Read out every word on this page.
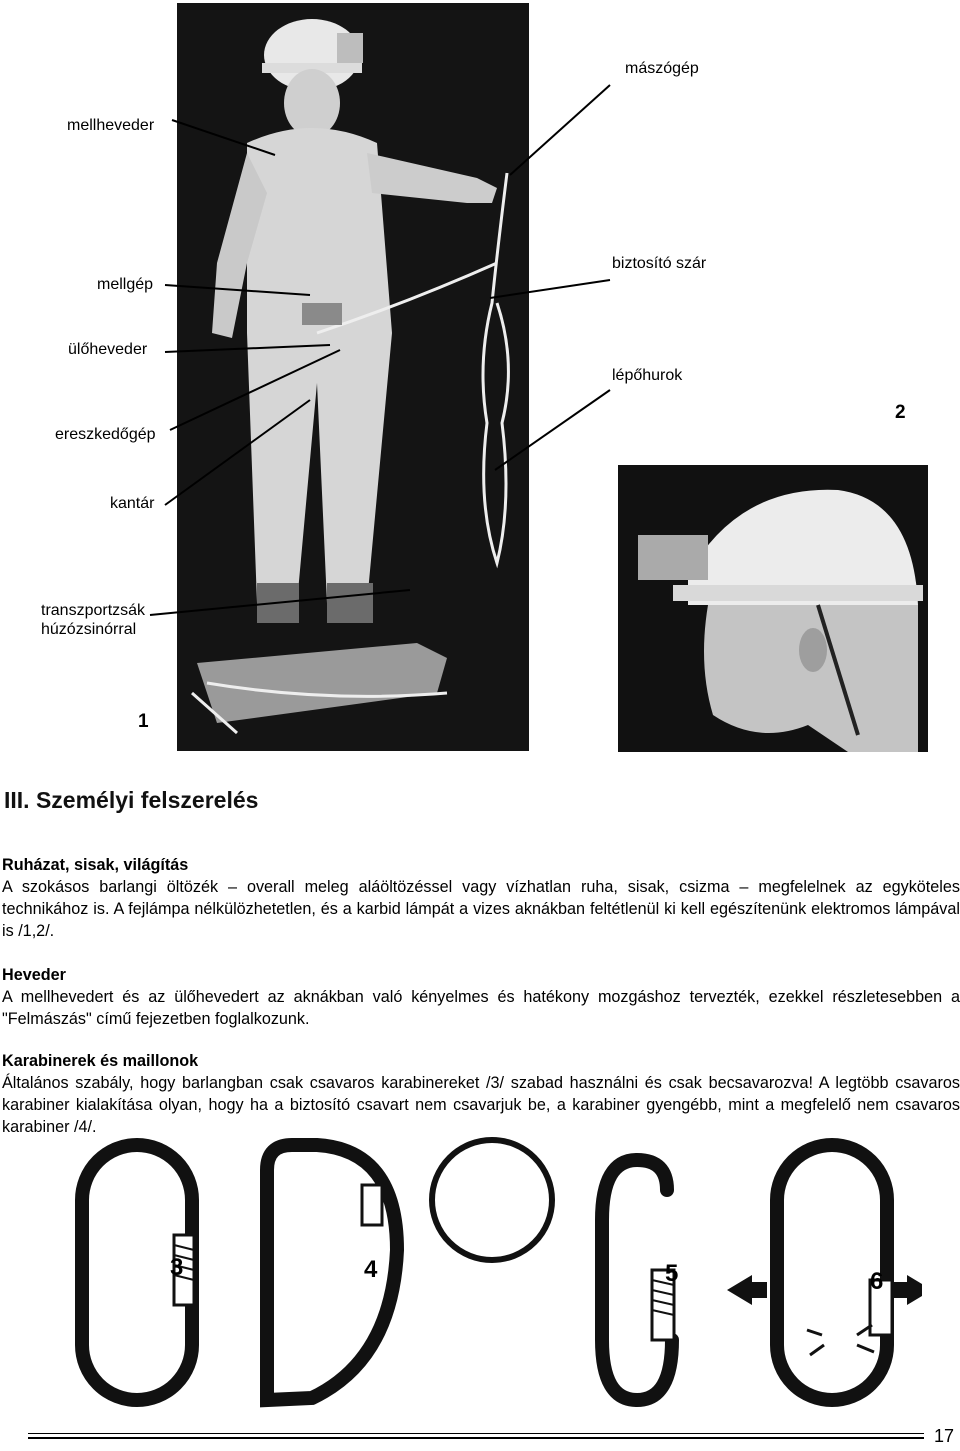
mászógép
mellheveder
biztosító szár
mellgép
ülőheveder
lépőhurok
ereszkedőgép
kantár
transzportzsák
húzózsinórral
1
2
III. Személyi felszerelés
Ruházat, sisak, világítás
A szokásos barlangi öltözék – overall meleg aláöltözéssel vagy vízhatlan ruha, sisak, csizma – megfelelnek az egyköteles technikához is. A fejlámpa nélkülözhetetlen, és a karbid lámpát a vizes aknákban feltétlenül ki kell egészítenünk elektromos lámpával is /1,2/.
Heveder
A mellhevedert és az ülőhevedert az aknákban való kényelmes és hatékony mozgáshoz tervezték, ezekkel részletesebben a "Felmászás" című fejezetben foglalkozunk.
Karabinerek és maillonok
Általános szabály, hogy barlangban csak csavaros karabinereket /3/ szabad használni és csak becsavarozva! A legtöbb csavaros karabiner kialakítása olyan, hogy ha a biztosító csavart nem csavarjuk be, a karabiner gyengébb, mint a megfelelő nem csavaros karabiner /4/.
3	4	5	6
17
